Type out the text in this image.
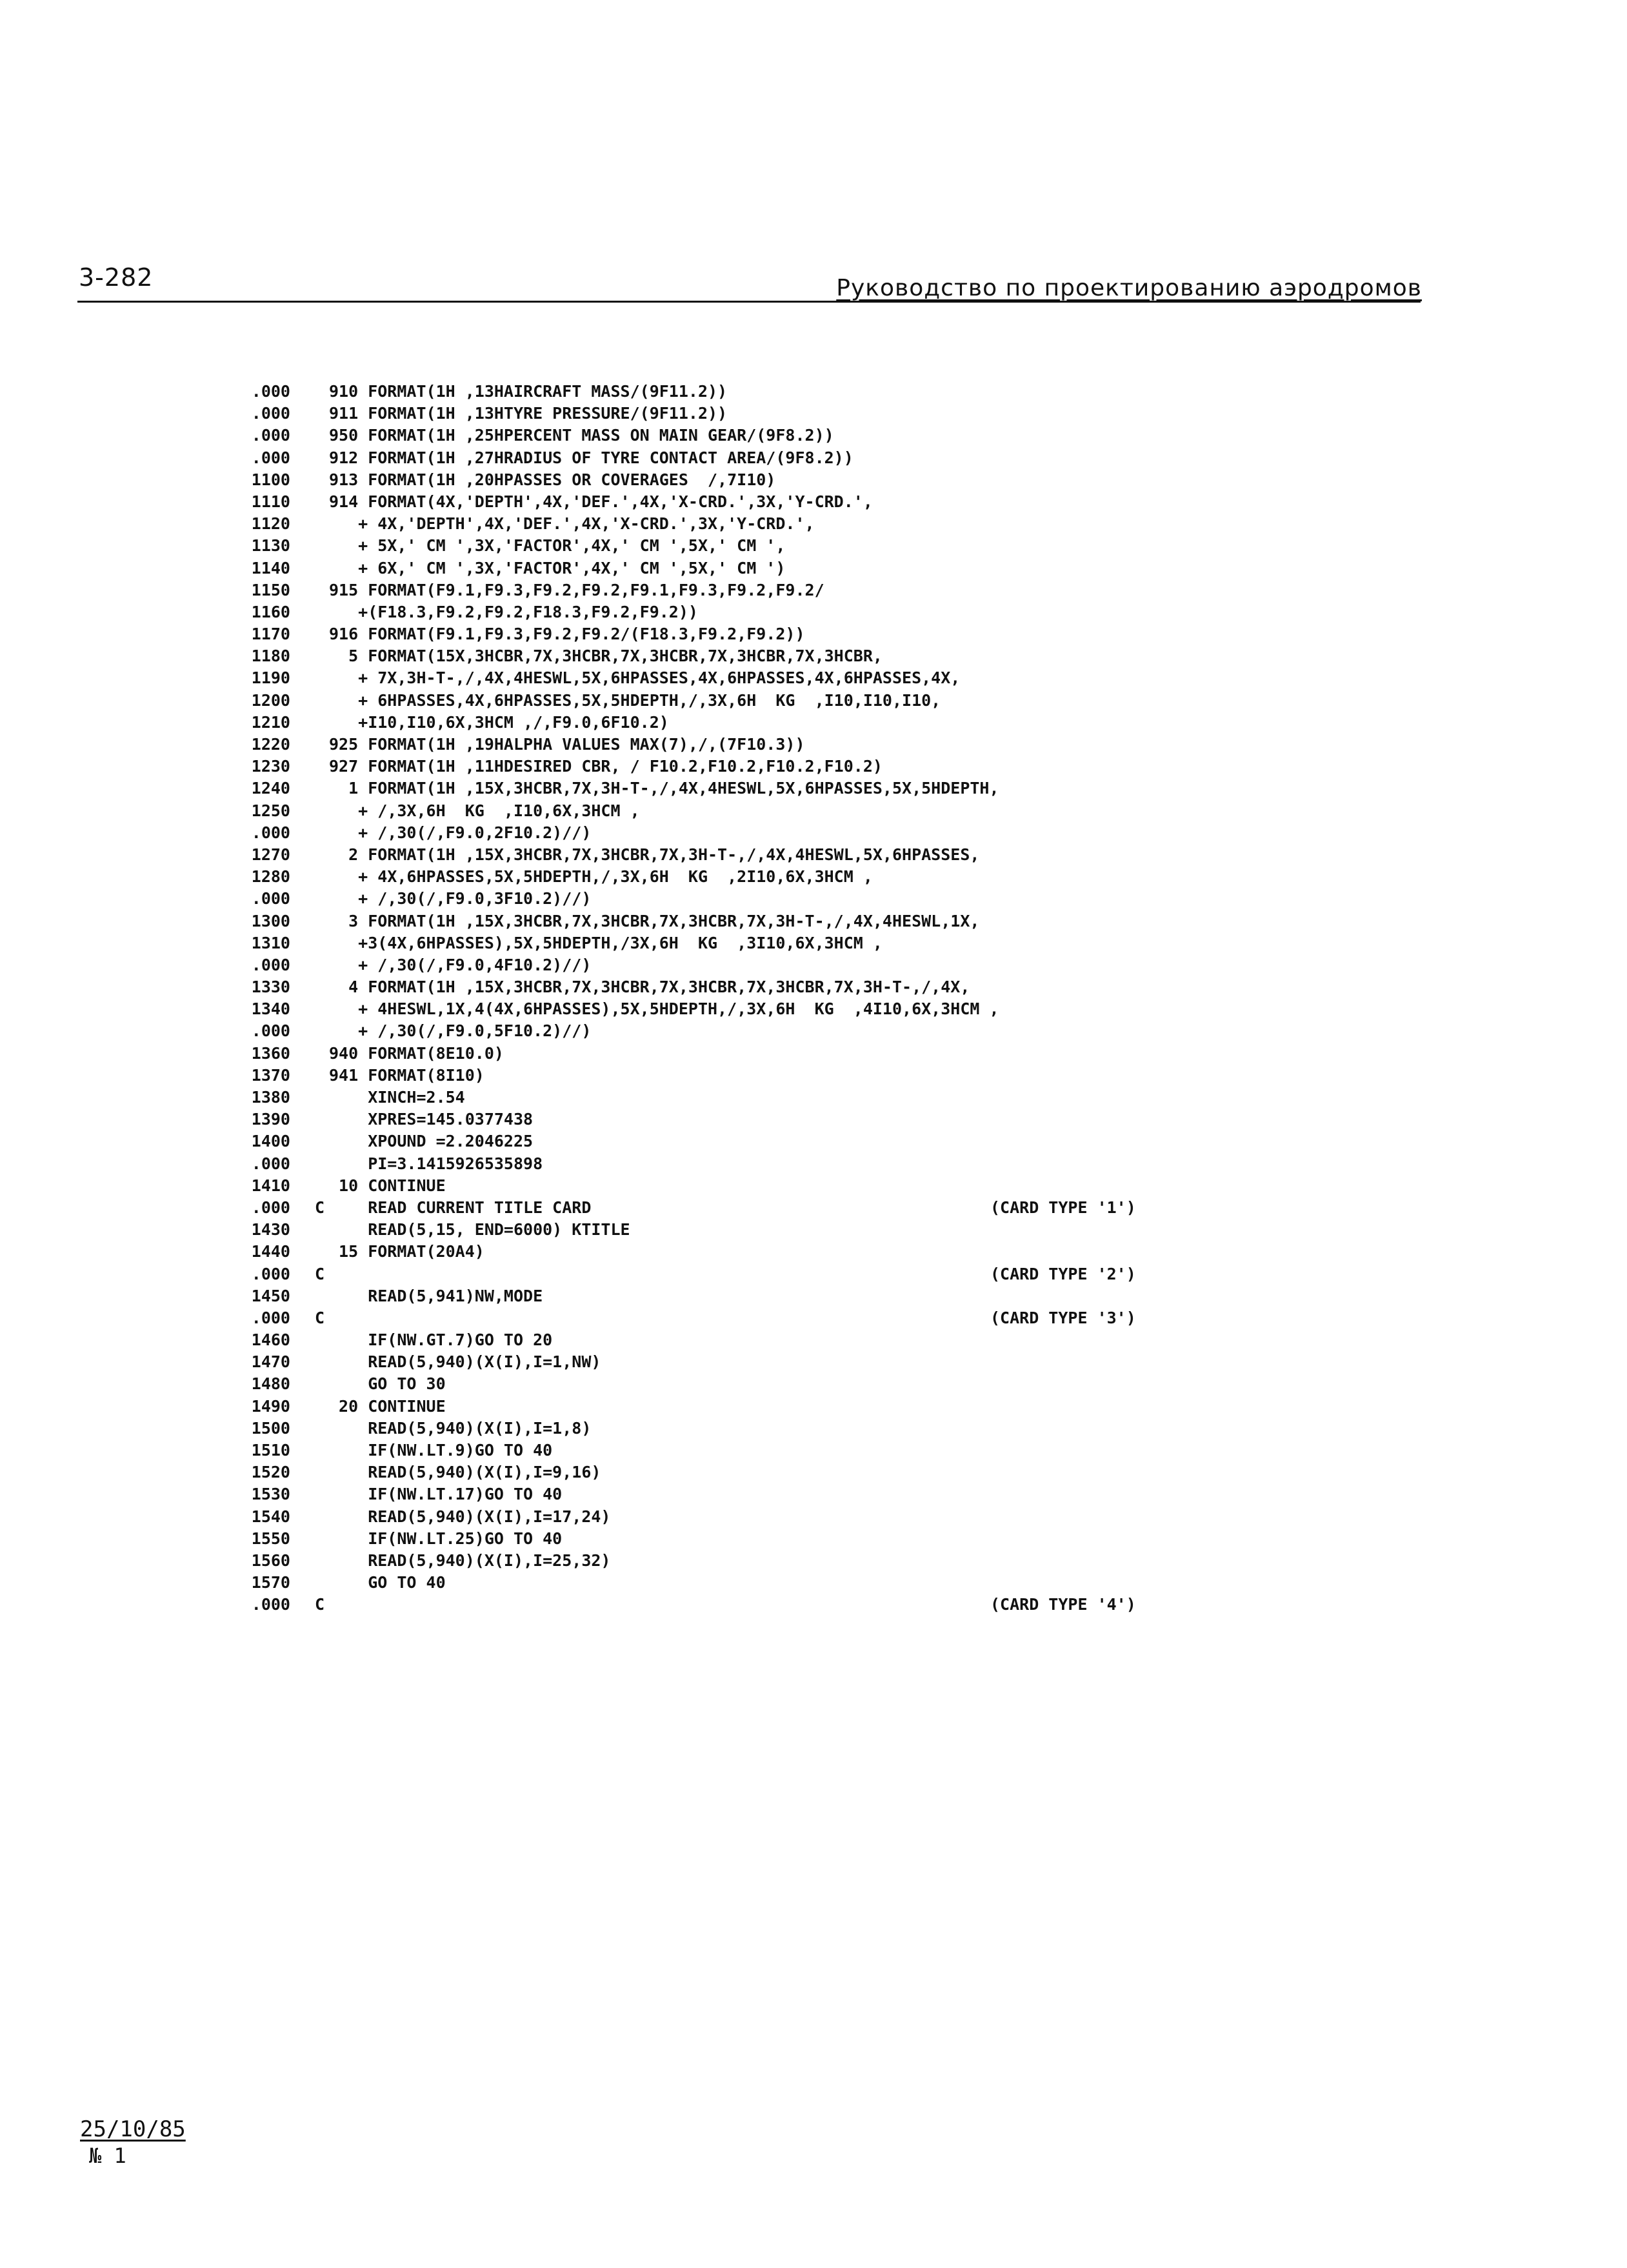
3-282	Руководство по проектированию аэродромов
.000 910 FORMAT(1H ,13HAIRCRAFT MASS/(9F11.2))
.000 911 FORMAT(1H ,13HTYRE PRESSURE/(9F11.2))
.000 950 FORMAT(1H ,25HPERCENT MASS ON MAIN GEAR/(9F8.2))
.000 912 FORMAT(1H ,27HRADIUS OF TYRE CONTACT AREA/(9F8.2))
1100 913 FORMAT(1H ,20HPASSES OR COVERAGES  /,7I10)
1110 914 FORMAT(4X,'DEPTH',4X,'DEF.',4X,'X-CRD.',3X,'Y-CRD.',
1120 + 4X,'DEPTH',4X,'DEF.',4X,'X-CRD.',3X,'Y-CRD.',
1130 + 5X,' CM ',3X,'FACTOR',4X,' CM ',5X,' CM ',
1140 + 6X,' CM ',3X,'FACTOR',4X,' CM ',5X,' CM ')
1150 915 FORMAT(F9.1,F9.3,F9.2,F9.2,F9.1,F9.3,F9.2,F9.2/
1160 +(F18.3,F9.2,F9.2,F18.3,F9.2,F9.2))
1170 916 FORMAT(F9.1,F9.3,F9.2,F9.2/(F18.3,F9.2,F9.2))
1180 5 FORMAT(15X,3HCBR,7X,3HCBR,7X,3HCBR,7X,3HCBR,7X,3HCBR,
1190 + 7X,3H-T-,/,4X,4HESWL,5X,6HPASSES,4X,6HPASSES,4X,6HPASSES,4X,
1200 + 6HPASSES,4X,6HPASSES,5X,5HDEPTH,/,3X,6H  KG  ,I10,I10,I10,
1210 +I10,I10,6X,3HCM ,/,F9.0,6F10.2)
1220 925 FORMAT(1H ,19HALPHA VALUES MAX(7),/,(7F10.3))
1230 927 FORMAT(1H ,11HDESIRED CBR, / F10.2,F10.2,F10.2,F10.2)
1240 1 FORMAT(1H ,15X,3HCBR,7X,3H-T-,/,4X,4HESWL,5X,6HPASSES,5X,5HDEPTH,
1250 + /,3X,6H  KG  ,I10,6X,3HCM ,
.000 + /,30(/,F9.0,2F10.2)//)
1270 2 FORMAT(1H ,15X,3HCBR,7X,3HCBR,7X,3H-T-,/,4X,4HESWL,5X,6HPASSES,
1280 + 4X,6HPASSES,5X,5HDEPTH,/,3X,6H  KG  ,2I10,6X,3HCM ,
.000 + /,30(/,F9.0,3F10.2)//)
1300 3 FORMAT(1H ,15X,3HCBR,7X,3HCBR,7X,3HCBR,7X,3H-T-,/,4X,4HESWL,1X,
1310 +3(4X,6HPASSES),5X,5HDEPTH,/3X,6H  KG  ,3I10,6X,3HCM ,
.000 + /,30(/,F9.0,4F10.2)//)
1330 4 FORMAT(1H ,15X,3HCBR,7X,3HCBR,7X,3HCBR,7X,3HCBR,7X,3H-T-,/,4X,
1340 + 4HESWL,1X,4(4X,6HPASSES),5X,5HDEPTH,/,3X,6H  KG  ,4I10,6X,3HCM ,
.000 + /,30(/,F9.0,5F10.2)//)
1360 940 FORMAT(8E10.0)
1370 941 FORMAT(8I10)
1380 XINCH=2.54
1390 XPRES=145.0377438
1400 XPOUND =2.2046225
.000 PI=3.1415926535898
1410 10 CONTINUE
.000 C READ CURRENT TITLE CARD	(CARD TYPE '1')
1430 READ(5,15, END=6000) KTITLE
1440 15 FORMAT(20A4)
.000 C	(CARD TYPE '2')
1450 READ(5,941)NW,MODE
.000 C	(CARD TYPE '3')
1460 IF(NW.GT.7)GO TO 20
1470 READ(5,940)(X(I),I=1,NW)
1480 GO TO 30
1490 20 CONTINUE
1500 READ(5,940)(X(I),I=1,8)
1510 IF(NW.LT.9)GO TO 40
1520 READ(5,940)(X(I),I=9,16)
1530 IF(NW.LT.17)GO TO 40
1540 READ(5,940)(X(I),I=17,24)
1550 IF(NW.LT.25)GO TO 40
1560 READ(5,940)(X(I),I=25,32)
1570 GO TO 40
.000 C	(CARD TYPE '4')
25/10/85
№ 1
